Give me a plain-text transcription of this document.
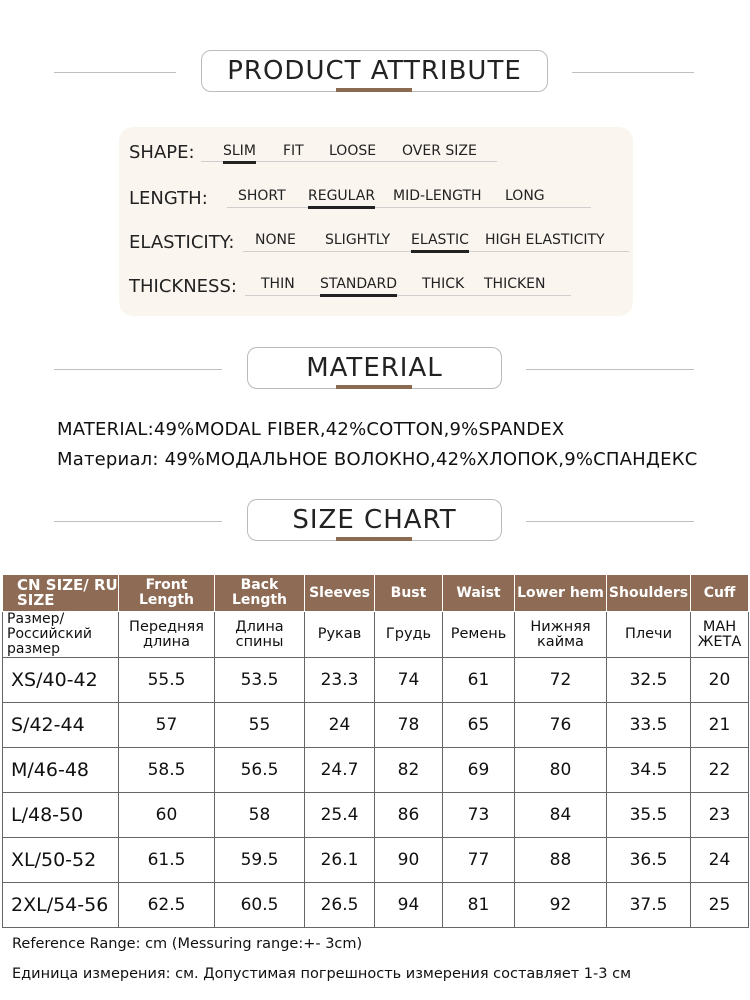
PRODUCT ATTRIBUTE
SHAPE: SLIM FIT LOOSE OVER SIZE
LENGTH: SHORT REGULAR MID-LENGTH LONG
ELASTICITY: NONE SLIGHTLY ELASTIC HIGH ELASTICITY
THICKNESS: THIN STANDARD THICK THICKEN
MATERIAL
MATERIAL:49%MODAL FIBER,42%COTTON,9%SPANDEX
Материал: 49%МОДАЛЬНОЕ ВОЛОКНО,42%ХЛОПОК,9%СПАНДЕКС
SIZE CHART
CN SIZE/ RU SIZE	Front Length	Back Length	Sleeves	Bust	Waist	Lower hem	Shoulders	Cuff
Размер/ Российский размер	Передняя длина	Длина спины	Рукав	Грудь	Ремень	Нижняя кайма	Плечи	МАН ЖЕТА
XS/40-42	55.5	53.5	23.3	74	61	72	32.5	20
S/42-44	57	55	24	78	65	76	33.5	21
M/46-48	58.5	56.5	24.7	82	69	80	34.5	22
L/48-50	60	58	25.4	86	73	84	35.5	23
XL/50-52	61.5	59.5	26.1	90	77	88	36.5	24
2XL/54-56	62.5	60.5	26.5	94	81	92	37.5	25
Reference Range: cm (Messuring range:+- 3cm)
Единица измерения: см. Допустимая погрешность измерения составляет 1-3 см
